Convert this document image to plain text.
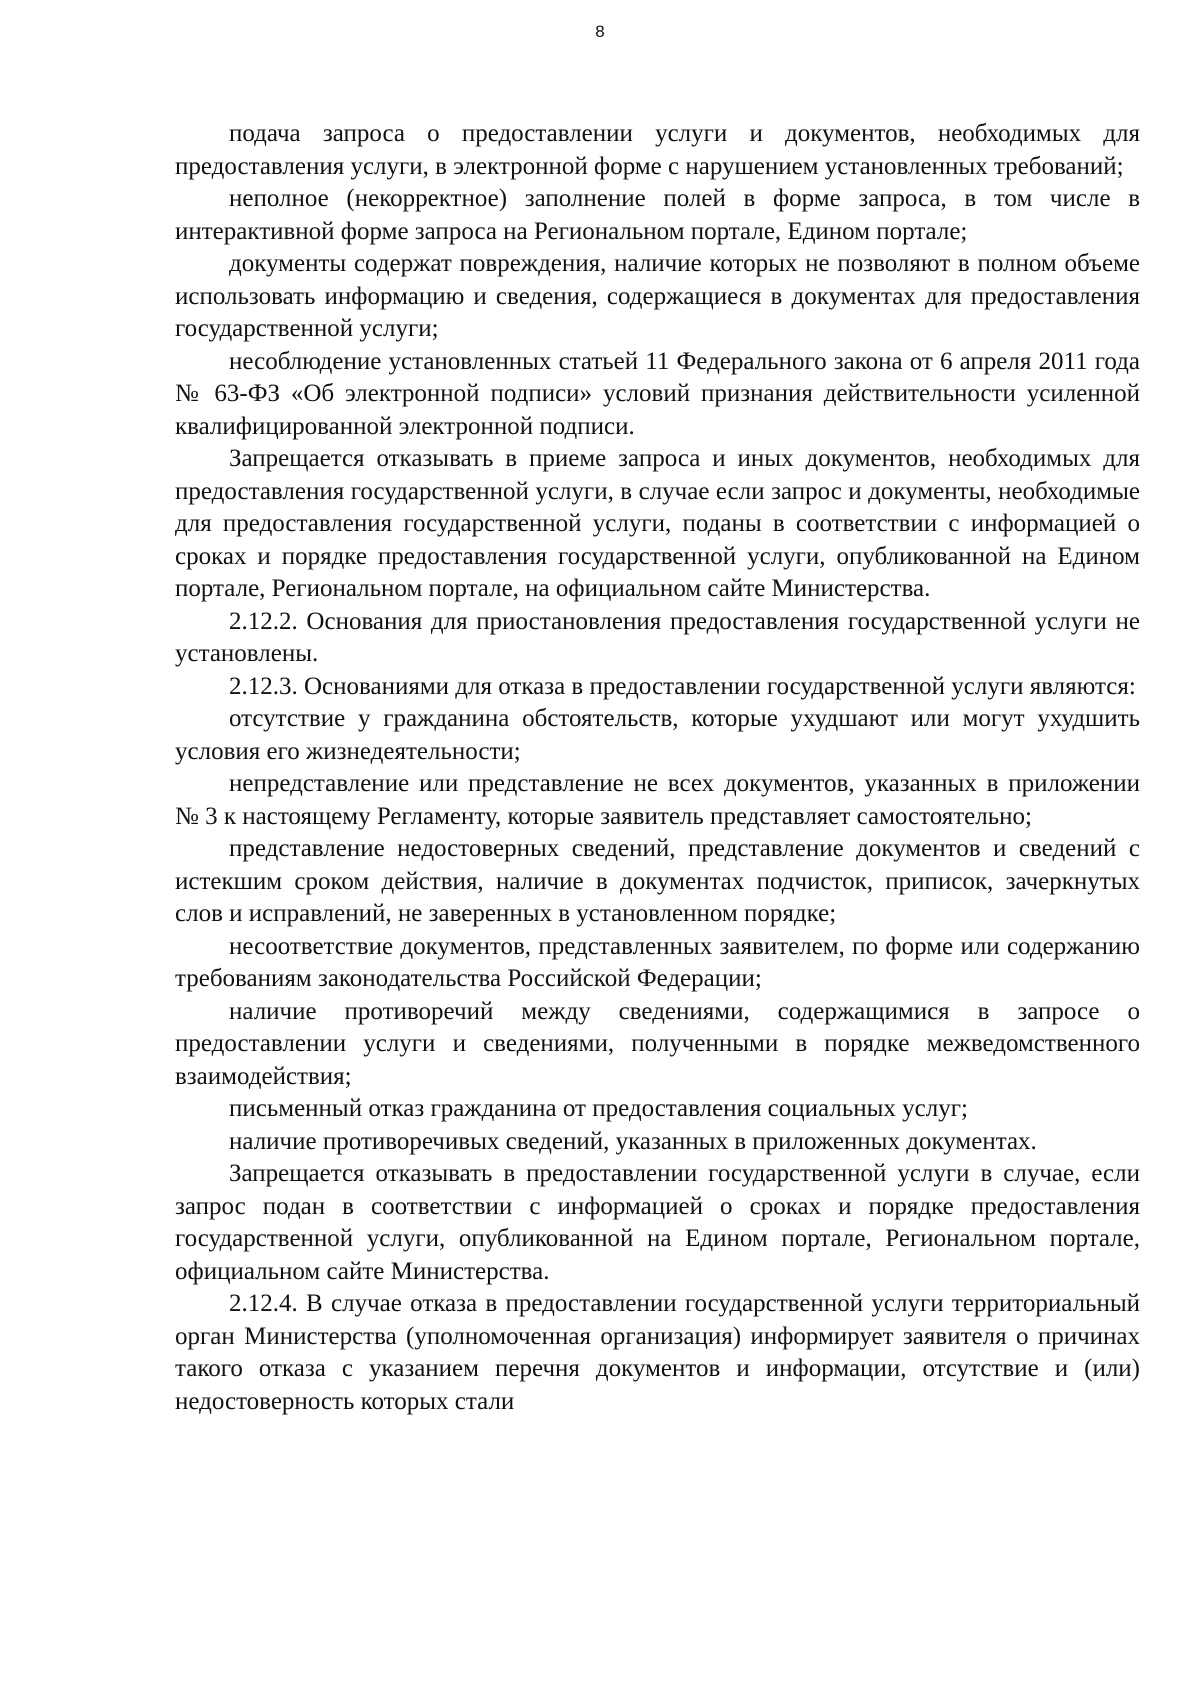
8

подача запроса о предоставлении услуги и документов, необходимых для предоставления услуги, в электронной форме с нарушением установленных требований;

неполное (некорректное) заполнение полей в форме запроса, в том числе в интерактивной форме запроса на Региональном портале, Едином портале;

документы содержат повреждения, наличие которых не позволяют в полном объеме использовать информацию и сведения, содержащиеся в документах для предоставления государственной услуги;

несоблюдение установленных статьей 11 Федерального закона от 6 апреля 2011 года № 63-ФЗ «Об электронной подписи» условий признания действительности усиленной квалифицированной электронной подписи.

Запрещается отказывать в приеме запроса и иных документов, необходимых для предоставления государственной услуги, в случае если запрос и документы, необходимые для предоставления государственной услуги, поданы в соответствии с информацией о сроках и порядке предоставления государственной услуги, опубликованной на Едином портале, Региональном портале, на официальном сайте Министерства.

2.12.2. Основания для приостановления предоставления государственной услуги не установлены.

2.12.3. Основаниями для отказа в предоставлении государственной услуги являются:

отсутствие у гражданина обстоятельств, которые ухудшают или могут ухудшить условия его жизнедеятельности;

непредставление или представление не всех документов, указанных в приложении № 3 к настоящему Регламенту, которые заявитель представляет самостоятельно;

представление недостоверных сведений, представление документов и сведений с истекшим сроком действия, наличие в документах подчисток, приписок, зачеркнутых слов и исправлений, не заверенных в установленном порядке;

несоответствие документов, представленных заявителем, по форме или содержанию требованиям законодательства Российской Федерации;

наличие противоречий между сведениями, содержащимися в запросе о предоставлении услуги и сведениями, полученными в порядке межведомственного взаимодействия;

письменный отказ гражданина от предоставления социальных услуг;

наличие противоречивых сведений, указанных в приложенных документах.

Запрещается отказывать в предоставлении государственной услуги в случае, если запрос подан в соответствии с информацией о сроках и порядке предоставления государственной услуги, опубликованной на Едином портале, Региональном портале, официальном сайте Министерства.

2.12.4. В случае отказа в предоставлении государственной услуги территориальный орган Министерства (уполномоченная организация) информирует заявителя о причинах такого отказа с указанием перечня документов и информации, отсутствие и (или) недостоверность которых стали
